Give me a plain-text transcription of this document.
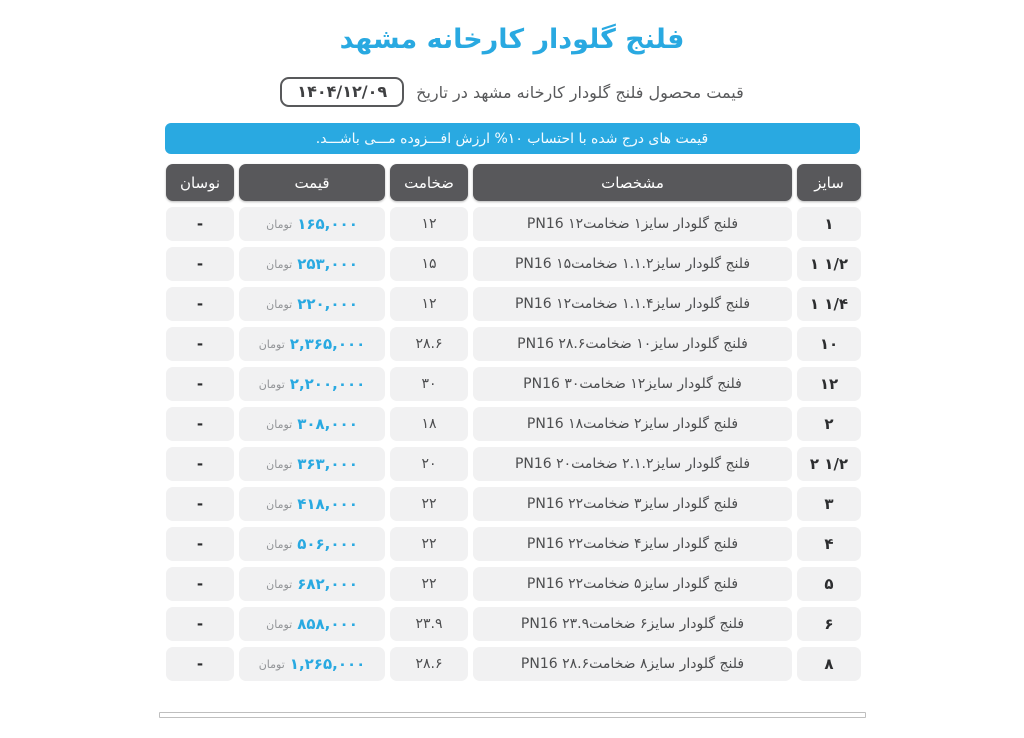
فلنج گلودار کارخانه مشهد
قیمت محصول فلنج گلودار کارخانه مشهد در تاریخ
۱۴۰۴/۱۲/۰۹
قیمت های درج شده با احتساب ۱۰% ارزش افـــزوده مـــی باشـــد.
سایز
مشخصات
ضخامت
قیمت
نوسان
۱
فلنج گلودار سایز۱ ضخامت۱۲ PN16
۱۲
۱۶۵,۰۰۰
تومان
-
۱ ۱/۲
فلنج گلودار سایز۱.۱.۲ ضخامت۱۵ PN16
۱۵
۲۵۳,۰۰۰
تومان
-
۱ ۱/۴
فلنج گلودار سایز۱.۱.۴ ضخامت۱۲ PN16
۱۲
۲۲۰,۰۰۰
تومان
-
۱۰
فلنج گلودار سایز۱۰ ضخامت۲۸.۶ PN16
۲۸.۶
۲,۳۶۵,۰۰۰
تومان
-
۱۲
فلنج گلودار سایز۱۲ ضخامت۳۰ PN16
۳۰
۲,۲۰۰,۰۰۰
تومان
-
۲
فلنج گلودار سایز۲ ضخامت۱۸ PN16
۱۸
۳۰۸,۰۰۰
تومان
-
۲ ۱/۲
فلنج گلودار سایز۲.۱.۲ ضخامت۲۰ PN16
۲۰
۳۶۳,۰۰۰
تومان
-
۳
فلنج گلودار سایز۳ ضخامت۲۲ PN16
۲۲
۴۱۸,۰۰۰
تومان
-
۴
فلنج گلودار سایز۴ ضخامت۲۲ PN16
۲۲
۵۰۶,۰۰۰
تومان
-
۵
فلنج گلودار سایز۵ ضخامت۲۲ PN16
۲۲
۶۸۲,۰۰۰
تومان
-
۶
فلنج گلودار سایز۶ ضخامت۲۳.۹ PN16
۲۳.۹
۸۵۸,۰۰۰
تومان
-
۸
فلنج گلودار سایز۸ ضخامت۲۸.۶ PN16
۲۸.۶
۱,۲۶۵,۰۰۰
تومان
-
